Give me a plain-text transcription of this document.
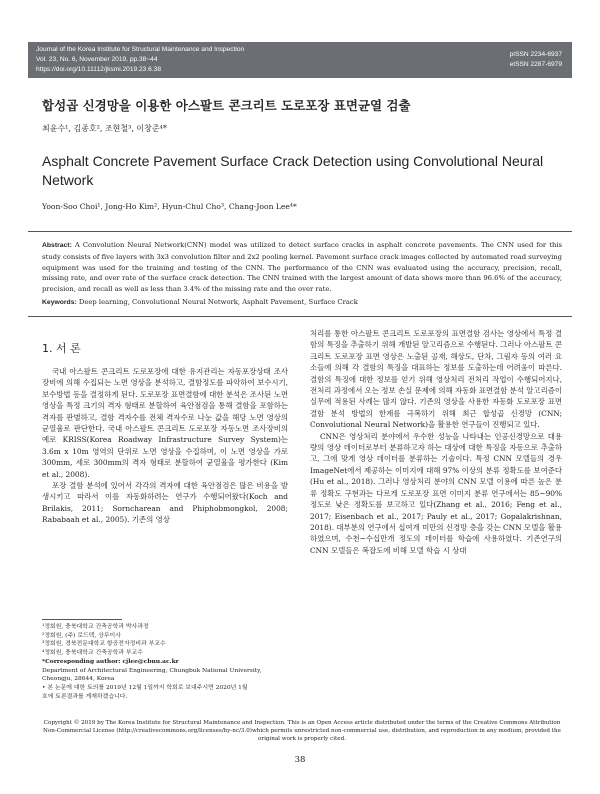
Journal of the Korea Institute for Structural Maintenance and Inspection
Vol. 23, No. 6, November 2019, pp.38~44
https://doi.org/10.11112/jksmi.2019.23.6.38
pISSN 2234-6937
eISSN 2287-6979
합성곱 신경망을 이용한 아스팔트 콘크리트 도로포장 표면균열 검출
최윤수¹, 김종호², 조현철³, 이창준⁴*
Asphalt Concrete Pavement Surface Crack Detection using Convolutional Neural Network
Yoon-Soo Choi¹, Jong-Ho Kim², Hyun-Chul Cho³, Chang-Joon Lee⁴*
Abstract: A Convolution Neural Network(CNN) model was utilized to detect surface cracks in asphalt concrete pavements. The CNN used for this study consists of five layers with 3x3 convolution filter and 2x2 pooling kernel. Pavement surface crack images collected by automated road surveying equipment was used for the training and testing of the CNN. The performance of the CNN was evaluated using the accuracy, precision, recall, missing rate, and over rate of the surface crack detection. The CNN trained with the largest amount of data shows more than 96.6% of the accuracy, precision, and recall as well as less than 3.4% of the missing rate and the over rate.
Keywords: Deep learning, Convolutional Neural Network, Asphalt Pavement, Surface Crack
1. 서 론

국내 아스팔트 콘크리트 도로포장에 대한 유지관리는 자동포장상태 조사장비에 의해 수집되는 노면 영상을 분석하고, 결함정도를 파악하여 보수시기, 보수방법 등을 결정하게 된다. 도로포장 표면결함에 대한 분석은 조사된 노면 영상을 특정 크기의 격자 형태로 분할하여 육안점검을 통해 결함을 포함하는 격자를 판별하고, 결함 격자수를 전체 격자수로 나눈 값을 해당 노면 영상의 균열율로 판단한다. 국내 아스팔트 콘크리트 도로포장 자동노면 조사장비의 예로 KRISS(Korea Roadway Infrastructure Survey System)는 3.6m x 10m 영역의 단위로 노면 영상을 수집하며, 이 노면 영상을 가로 300mm, 세로 300mm의 격자 형태로 분할하여 균열율을 평가한다 (Kim et al., 2008).

포장 결함 분석에 있어서 각각의 격자에 대한 육안점검은 많은 비용을 발생시키고 따라서 이를 자동화하려는 연구가 수행되어왔다(Koch and Brilakis, 2011; Sorncharean and Phiphobmongkol, 2008; Rababaah et al., 2005). 기존의 영상

처리를 통한 아스팔트 콘크리트 도로포장의 표면결함 검사는 영상에서 특정 결함의 특징을 추출하기 위해 개발된 알고리즘으로 수행된다. 그러나 아스팔트 콘크리트 도로포장 표면 영상은 노출된 골재, 해상도, 단차, 그림자 등의 여러 요소들에 의해 각 결함의 특징을 대표하는 정보를 도출하는데 어려움이 따른다. 결함의 특징에 대한 정보를 얻기 위해 영상처리 전처리 작업이 수행되어지나, 전처리 과정에서 오는 정보 손실 문제에 의해 자동화 표면결함 분석 알고리즘이 실무에 적용된 사례는 많지 않다. 기존의 영상을 사용한 자동화 도로포장 표면결함 분석 방법의 한계를 극복하기 위해 최근 합성곱 신경망 (CNN; Convolutional Neural Network)을 활용한 연구들이 진행되고 있다.

CNN은 영상처리 분야에서 우수한 성능을 나타내는 인공신경망으로 대용량의 영상 데이터로부터 분류하고자 하는 대상에 대한 특징을 자동으로 추출하고, 그에 맞게 영상 데이터를 분류하는 기술이다. 특정 CNN 모델들의 경우 ImageNet에서 제공하는 이미지에 대해 97% 이상의 분류 정확도를 보여준다(Hu et al., 2018). 그러나 영상처리 분야의 CNN 모델 이용에 따른 높은 분류 정확도 구현과는 다르게 도로포장 표면 이미지 분류 연구에서는 85~90% 정도로 낮은 정확도를 보고하고 있다(Zhang et al., 2016; Feng et al., 2017; Eisenbach et al., 2017; Pauly et al., 2017; Gopalakrishnan, 2018). 대부분의 연구에서 십여개 미만의 신경망 층을 갖는 CNN 모델을 활용하였으며, 수천~수십만개 정도의 데이터를 학습에 사용하였다. 기존연구의 CNN 모델들은 복잡도에 비해 모델 학습 시 상대

¹정회원, 충북대학교 건축공학과 박사과정
²정회원, (주) 로드텍, 상무이사
³정회원, 경북전문대학교 항공전자정비과 부교수
⁴정회원, 충북대학교 건축공학과 부교수
*Corresponding author: cjlee@cbnu.ac.kr
Department of Architectural Engineering, Chungbuk National University,
Cheongju, 28644, Korea
• 본 논문에 대한 토의를 2019년 12월 1일까지 학회로 보내주시면 2020년 1월
호에 토론결과를 게재하겠습니다.
Copyright © 2019 by The Korea Institute for Structural Maintenance and Inspection. This is an Open Access article distributed under the terms of the Creative Commons Attribution Non-Commercial License (http://creativecommons.org/licenses/by-nc/3.0)which permits unrestricted non-commercial use, distribution, and reproduction in any medium, provided the original work is properly cited.
38
